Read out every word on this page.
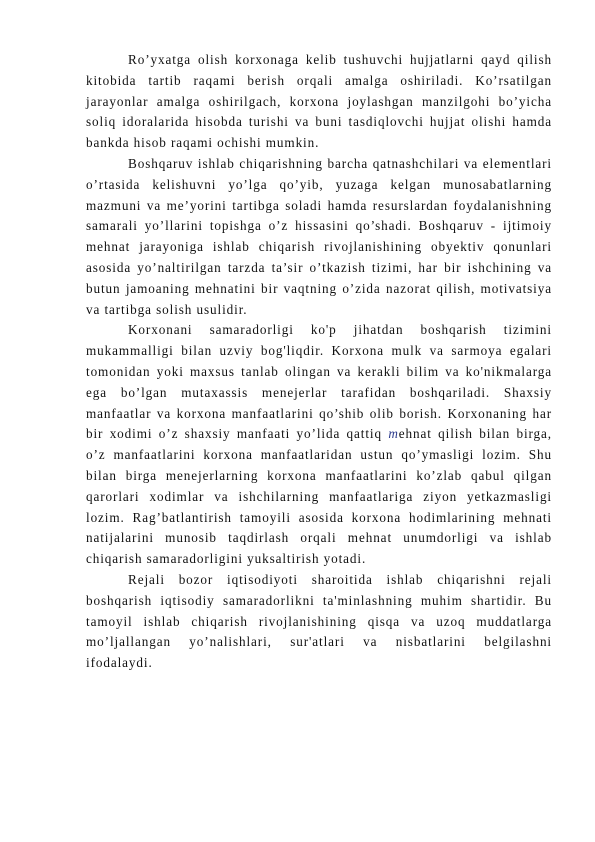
Ro’yxatga olish korxonaga kelib tushuvchi hujjatlarni qayd qilish kitobida tartib raqami berish orqali amalga oshiriladi. Ko’rsatilgan jarayonlar amalga oshirilgach, korxona joylashgan manzilgohi bo’yicha soliq idoralarida hisobda turishi va buni tasdiqlovchi hujjat olishi hamda bankda hisob raqami ochishi mumkin.

Boshqaruv ishlab chiqarishning barcha qatnashchilari va elementlari o’rtasida kelishuvni yo’lga qo’yib, yuzaga kelgan munosabatlarning mazmuni va me’yorini tartibga soladi hamda resurslardan foydalanishning samarali yo’llarini topishga o’z hissasini qo’shadi. Boshqaruv - ijtimoiy mehnat jarayoniga ishlab chiqarish rivojlanishining obyektiv qonunlari asosida yo’naltirilgan tarzda ta’sir o’tkazish tizimi, har bir ishchining va butun jamoaning mehnatini bir vaqtning o’zida nazorat qilish, motivatsiya va tartibga solish usulidir.

Korxonani samaradorligi ko'p jihatdan boshqarish tizimini mukammalligi bilan uzviy bog'liqdir. Korxona mulk va sarmoya egalari tomonidan yoki maxsus tanlab olingan va kerakli bilim va ko'nikmalarga ega bo’lgan mutaxassis menejerlar tarafidan boshqariladi. Shaxsiy manfaatlar va korxona manfaatlarini qo’shib olib borish. Korxonaning har bir xodimi o’z shaxsiy manfaati yo’lida qattiq mehnat qilish bilan birga, o’z manfaatlarini korxona manfaatlaridan ustun qo’ymasligi lozim. Shu bilan birga menejerlarning korxona manfaatlarini ko’zlab qabul qilgan qarorlari xodimlar va ishchilarning manfaatlariga ziyon yetkazmasligi lozim. Rag’batlantirish tamoyili asosida korxona hodimlarining mehnati natijalarini munosib taqdirlash orqali mehnat unumdorligi va ishlab chiqarish samaradorligini yuksaltirish yotadi.

Rejali bozor iqtisodiyoti sharoitida ishlab chiqarishni rejali boshqarish iqtisodiy samaradorlikni ta'minlashning muhim shartidir. Bu tamoyil ishlab chiqarish rivojlanishining qisqa va uzoq muddatlarga mo’ljallangan yo’nalishlari, sur'atlari va nisbatlarini belgilashni ifodalaydi.
